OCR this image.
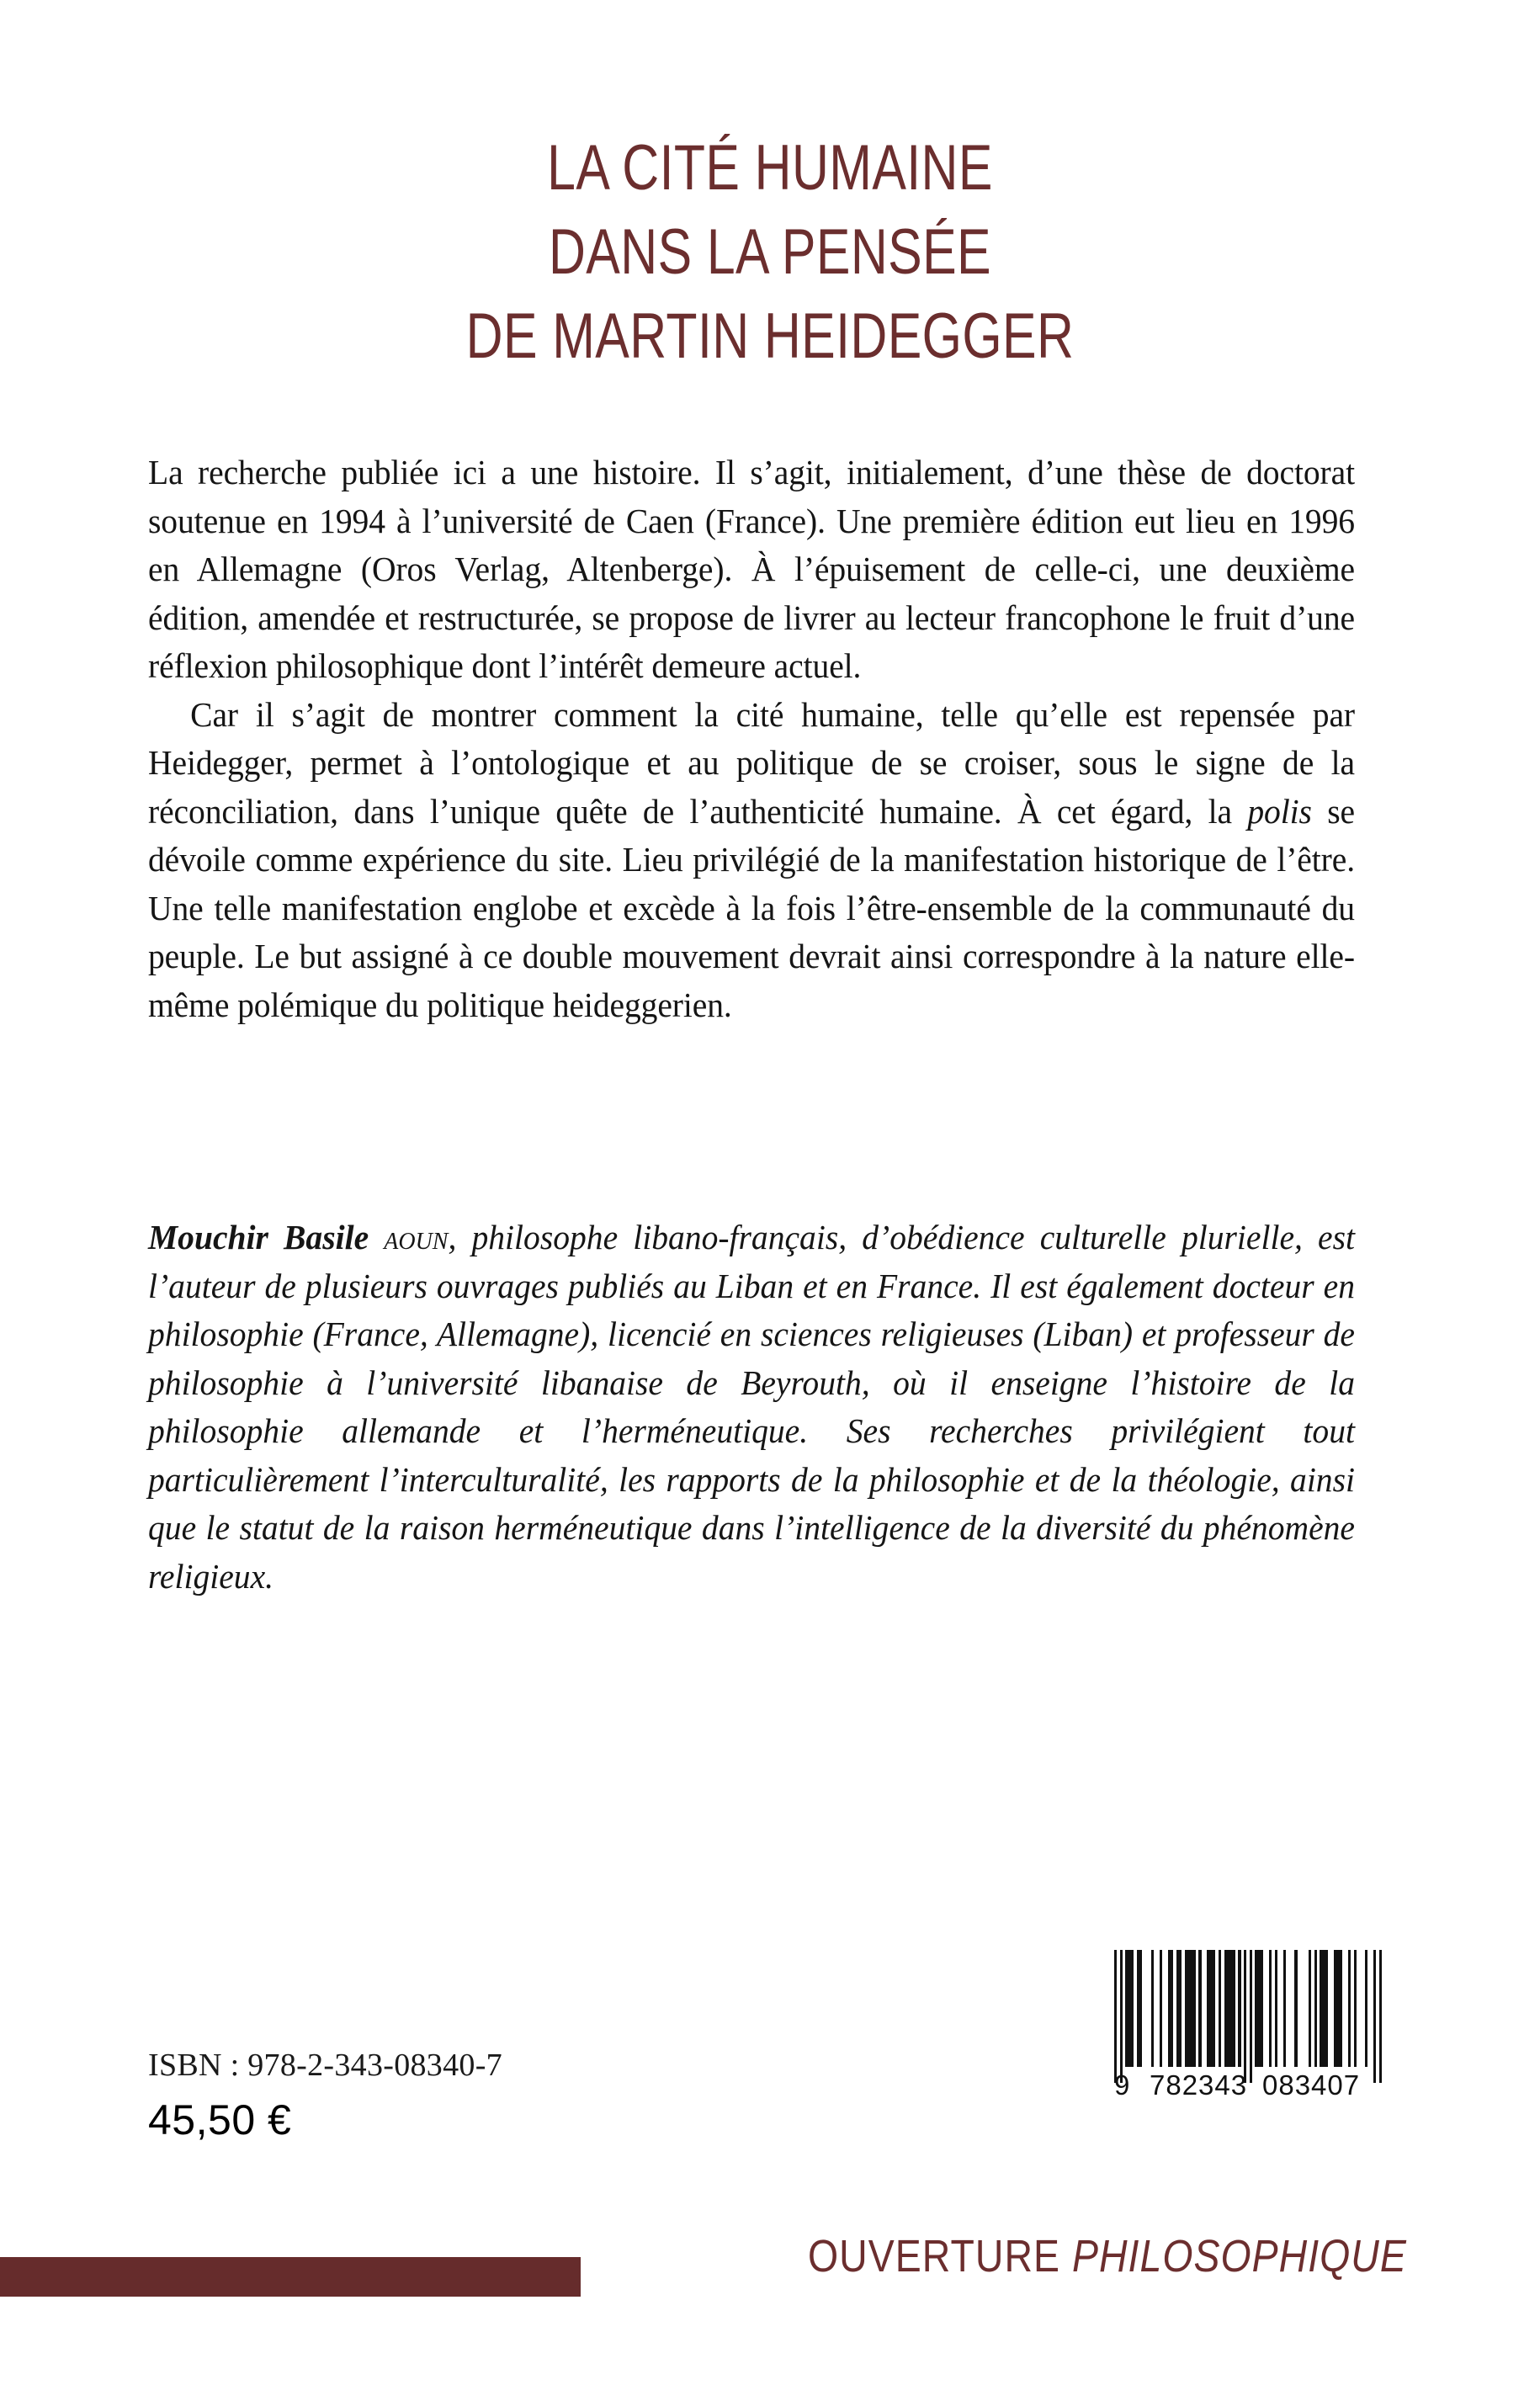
LA CITÉ HUMAINE
DANS LA PENSÉE
DE MARTIN HEIDEGGER

La recherche publiée ici a une histoire. Il s’agit, initialement, d’une thèse de doctorat soutenue en 1994 à l’université de Caen (France). Une première édition eut lieu en 1996 en Allemagne (Oros Verlag, Altenberge). À l’épuisement de celle-ci, une deuxième édition, amendée et restructurée, se propose de livrer au lecteur francophone le fruit d’une réflexion philosophique dont l’intérêt demeure actuel.

Car il s’agit de montrer comment la cité humaine, telle qu’elle est repensée par Heidegger, permet à l’ontologique et au politique de se croiser, sous le signe de la réconciliation, dans l’unique quête de l’authenticité humaine. À cet égard, la polis se dévoile comme expérience du site. Lieu privilégié de la manifestation historique de l’être. Une telle manifestation englobe et excède à la fois l’être-ensemble de la communauté du peuple. Le but assigné à ce double mouvement devrait ainsi correspondre à la nature elle-même polémique du politique heideggerien.

Mouchir Basile aoun, philosophe libano-français, d’obédience culturelle plurielle, est l’auteur de plusieurs ouvrages publiés au Liban et en France. Il est également docteur en philosophie (France, Allemagne), licencié en sciences religieuses (Liban) et professeur de philosophie à l’université libanaise de Beyrouth, où il enseigne l’histoire de la philosophie allemande et l’herméneutique. Ses recherches privilégient tout particulièrement l’interculturalité, les rapports de la philosophie et de la théologie, ainsi que le statut de la raison herméneutique dans l’intelligence de la diversité du phénomène religieux.

ISBN : 978-2-343-08340-7
45,50 €
9 782343 083407
OUVERTURE PHILOSOPHIQUE
